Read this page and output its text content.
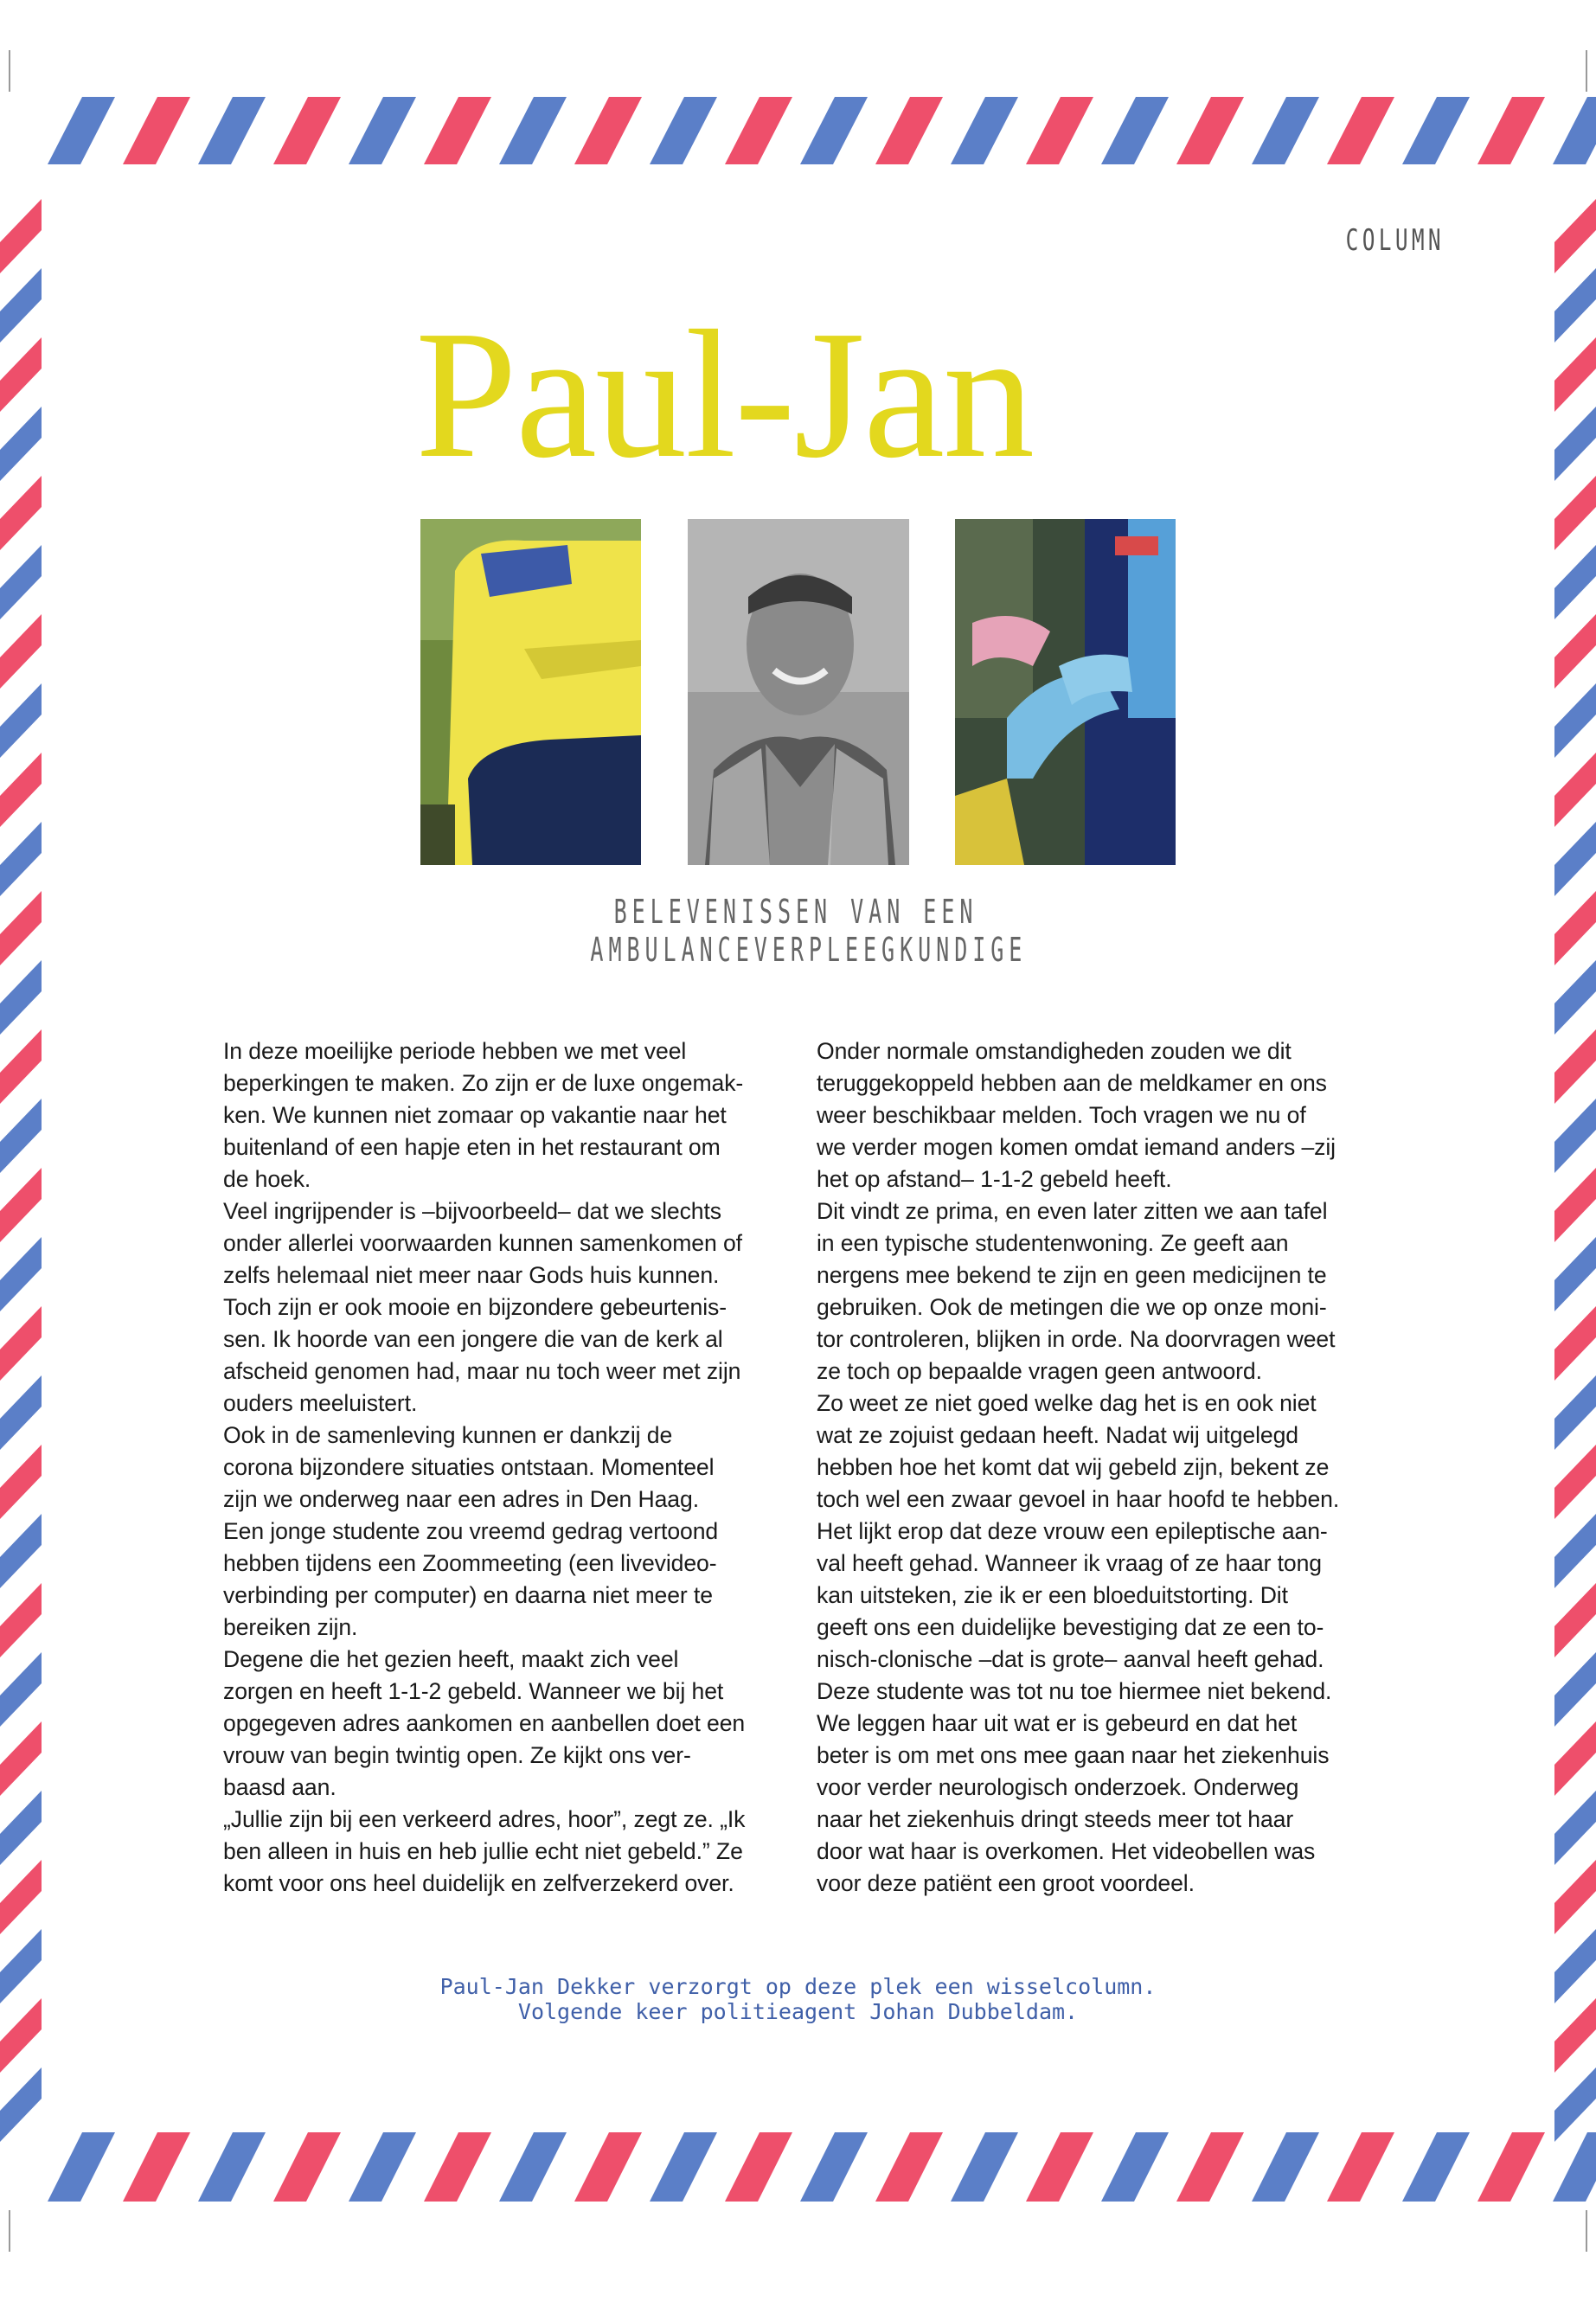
COLUMN
Paul-Jan
BELEVENISSEN VAN EEN
AMBULANCEVERPLEEGKUNDIGE
In deze moeilijke periode hebben we met veel
beperkingen te maken. Zo zijn er de luxe ongemak-
ken. We kunnen niet zomaar op vakantie naar het
buitenland of een hapje eten in het restaurant om
de hoek.
Veel ingrijpender is –bijvoorbeeld– dat we slechts
onder allerlei voorwaarden kunnen samenkomen of
zelfs helemaal niet meer naar Gods huis kunnen.
Toch zijn er ook mooie en bijzondere gebeurtenis-
sen. Ik hoorde van een jongere die van de kerk al
afscheid genomen had, maar nu toch weer met zijn
ouders meeluistert.
Ook in de samenleving kunnen er dankzij de
corona bijzondere situaties ontstaan. Momenteel
zijn we onderweg naar een adres in Den Haag.
Een jonge studente zou vreemd gedrag vertoond
hebben tijdens een Zoommeeting (een livevideo-
verbinding per computer) en daarna niet meer te
bereiken zijn.
Degene die het gezien heeft, maakt zich veel
zorgen en heeft 1-1-2 gebeld. Wanneer we bij het
opgegeven adres aankomen en aanbellen doet een
vrouw van begin twintig open. Ze kijkt ons ver-
baasd aan.
„Jullie zijn bij een verkeerd adres, hoor”, zegt ze. „Ik
ben alleen in huis en heb jullie echt niet gebeld.” Ze
komt voor ons heel duidelijk en zelfverzekerd over.
Onder normale omstandigheden zouden we dit
teruggekoppeld hebben aan de meldkamer en ons
weer beschikbaar melden. Toch vragen we nu of
we verder mogen komen omdat iemand anders –zij
het op afstand– 1-1-2 gebeld heeft.
Dit vindt ze prima, en even later zitten we aan tafel
in een typische studentenwoning. Ze geeft aan
nergens mee bekend te zijn en geen medicijnen te
gebruiken. Ook de metingen die we op onze moni-
tor controleren, blijken in orde. Na doorvragen weet
ze toch op bepaalde vragen geen antwoord.
Zo weet ze niet goed welke dag het is en ook niet
wat ze zojuist gedaan heeft. Nadat wij uitgelegd
hebben hoe het komt dat wij gebeld zijn, bekent ze
toch wel een zwaar gevoel in haar hoofd te hebben.
Het lijkt erop dat deze vrouw een epileptische aan-
val heeft gehad. Wanneer ik vraag of ze haar tong
kan uitsteken, zie ik er een bloeduitstorting. Dit
geeft ons een duidelijke bevestiging dat ze een to-
nisch-clonische –dat is grote– aanval heeft gehad.
Deze studente was tot nu toe hiermee niet bekend.
We leggen haar uit wat er is gebeurd en dat het
beter is om met ons mee gaan naar het ziekenhuis
voor verder neurologisch onderzoek. Onderweg
naar het ziekenhuis dringt steeds meer tot haar
door wat haar is overkomen. Het videobellen was
voor deze patiënt een groot voordeel.
Paul-Jan Dekker verzorgt op deze plek een wisselcolumn.
Volgende keer politieagent Johan Dubbeldam.
